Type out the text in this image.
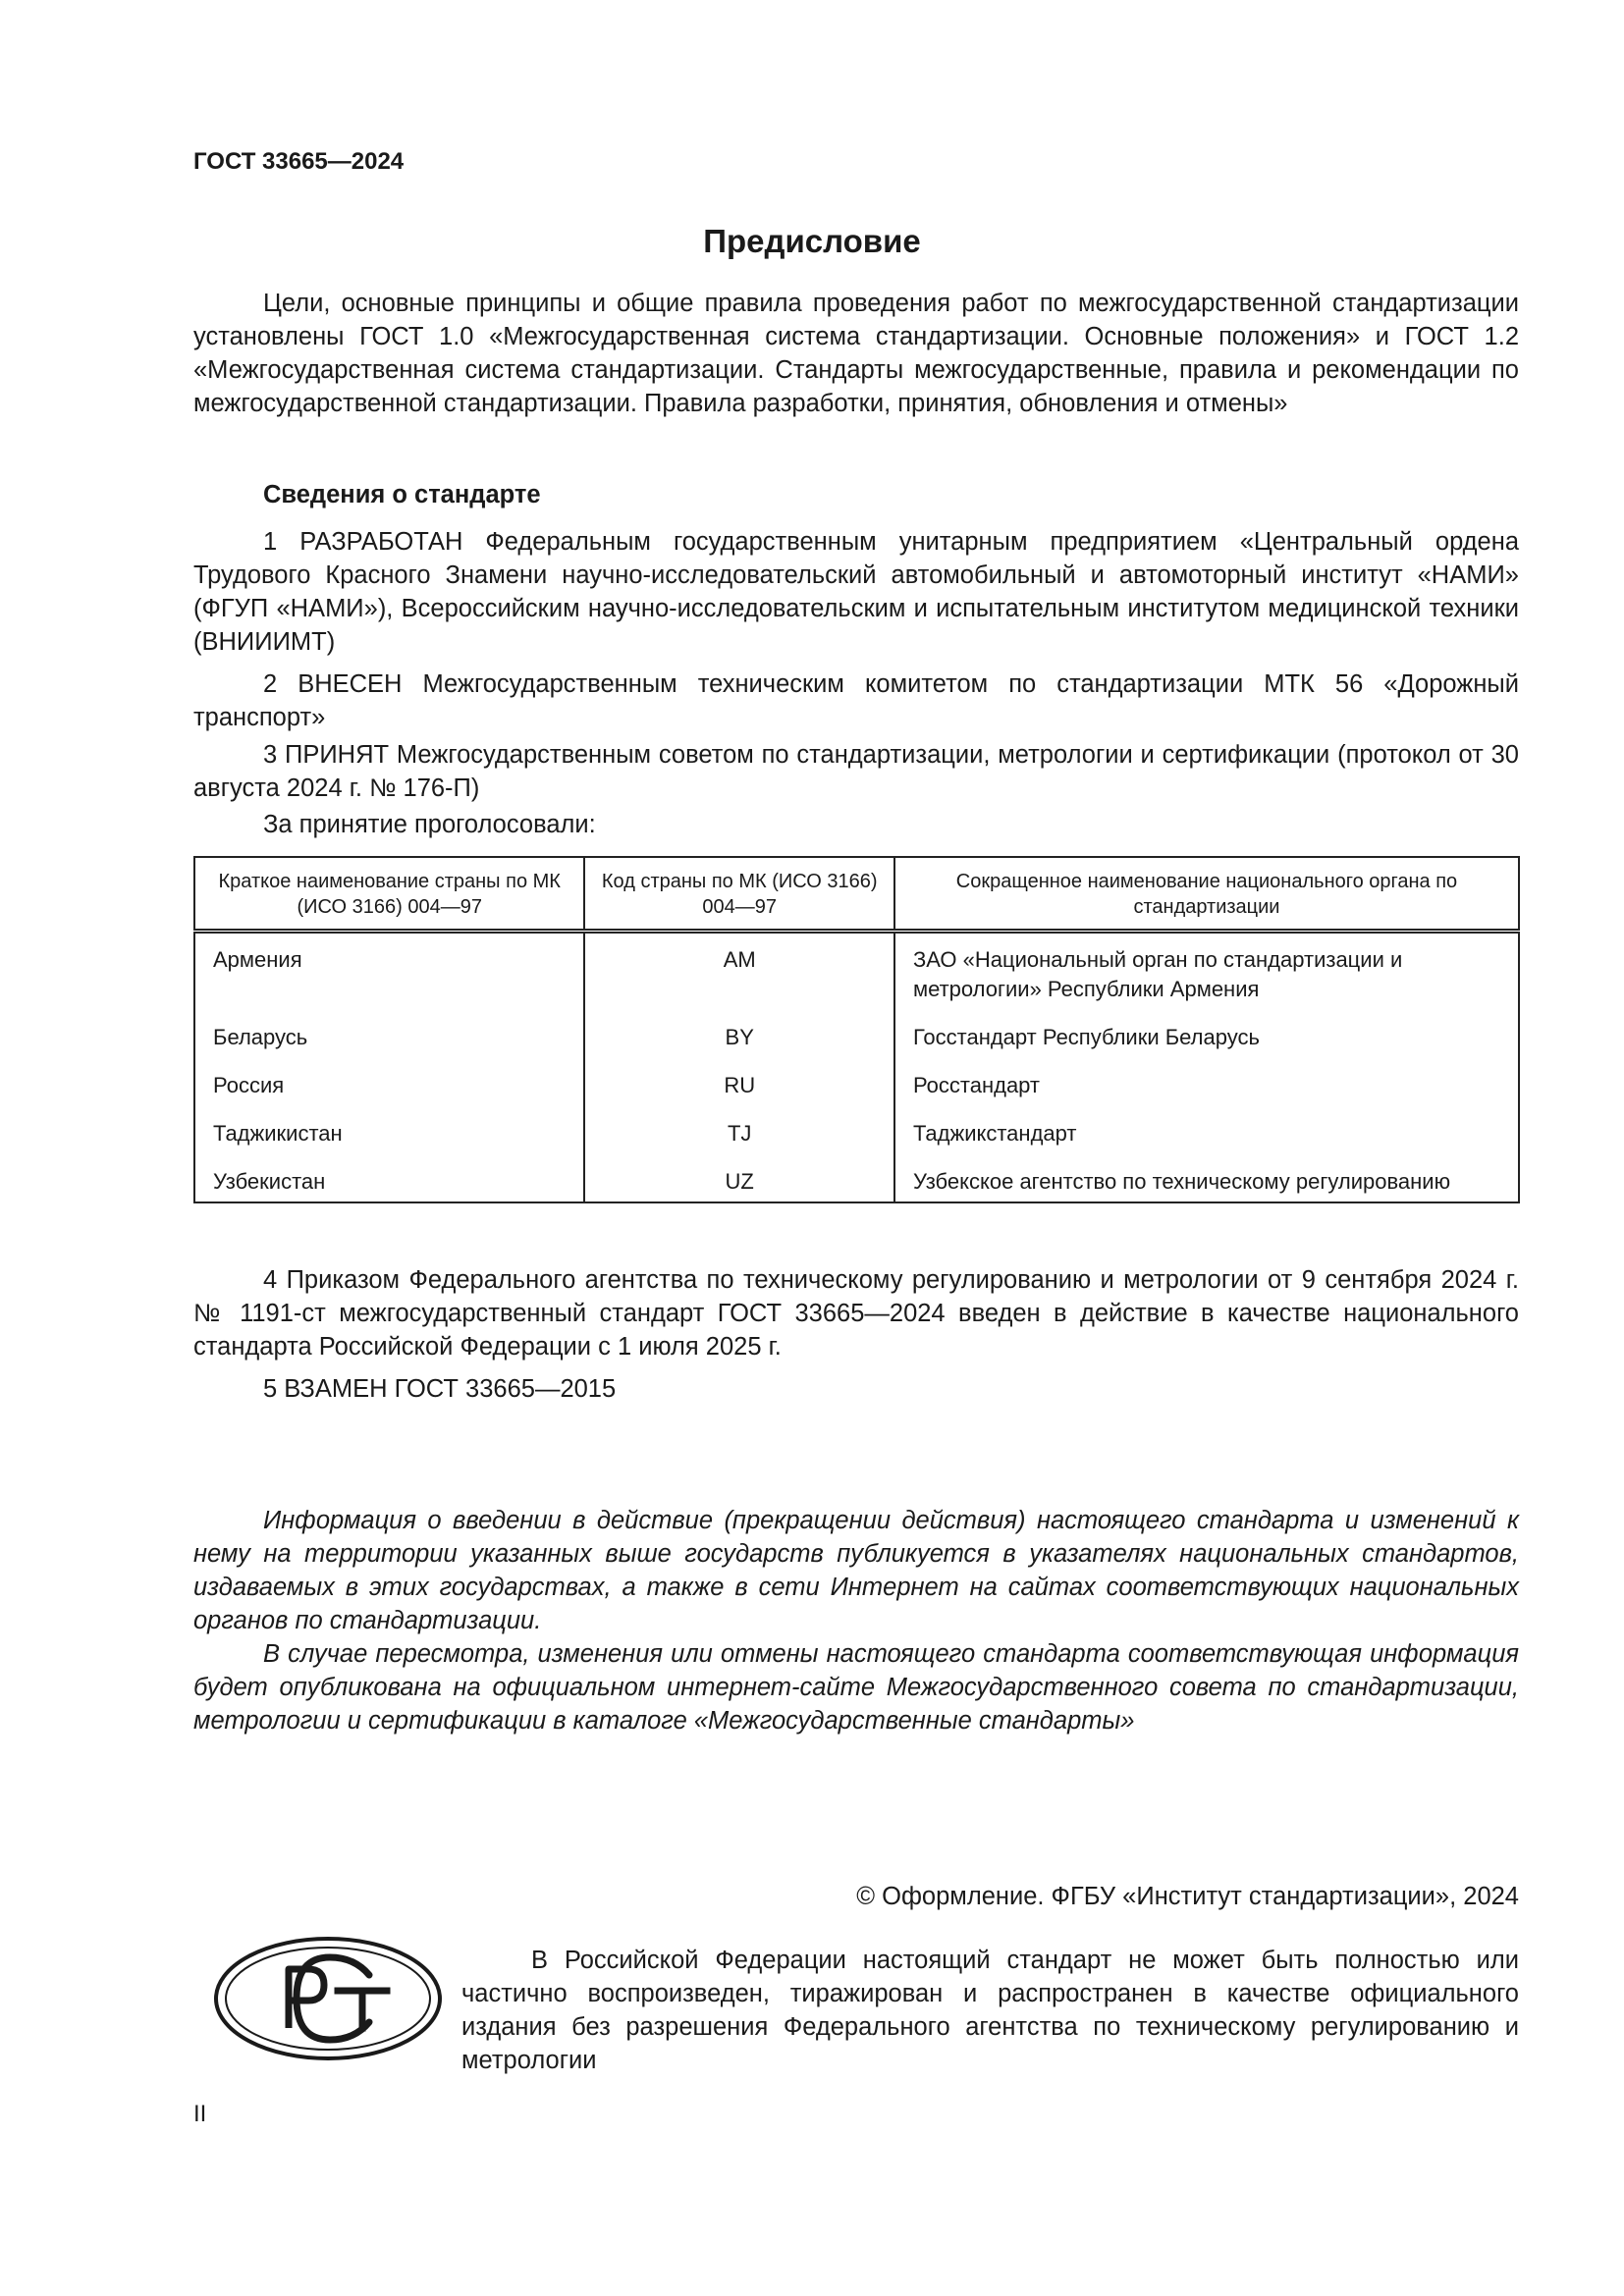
ГОСТ 33665—2024
Предисловие
Цели, основные принципы и общие правила проведения работ по межгосударственной стандартизации установлены ГОСТ 1.0 «Межгосударственная система стандартизации. Основные положения» и ГОСТ 1.2 «Межгосударственная система стандартизации. Стандарты межгосударственные, правила и рекомендации по межгосударственной стандартизации. Правила разработки, принятия, обновления и отмены»
Сведения о стандарте
1 РАЗРАБОТАН Федеральным государственным унитарным предприятием «Центральный ордена Трудового Красного Знамени научно-исследовательский автомобильный и автомоторный институт «НАМИ» (ФГУП «НАМИ»), Всероссийским научно-исследовательским и испытательным институтом медицинской техники (ВНИИИМТ)
2 ВНЕСЕН Межгосударственным техническим комитетом по стандартизации МТК 56 «Дорожный транспорт»
3 ПРИНЯТ Межгосударственным советом по стандартизации, метрологии и сертификации (протокол от 30 августа 2024 г. № 176-П)
За принятие проголосовали:
Краткое наименование страны по МК (ИСО 3166) 004—97	Код страны по МК (ИСО 3166) 004—97	Сокращенное наименование национального органа по стандартизации
Армения	AM	ЗАО «Национальный орган по стандартизации и метрологии» Республики Армения
Беларусь	BY	Госстандарт Республики Беларусь
Россия	RU	Росстандарт
Таджикистан	TJ	Таджикстандарт
Узбекистан	UZ	Узбекское агентство по техническому регулированию
4 Приказом Федерального агентства по техническому регулированию и метрологии от 9 сентября 2024 г. № 1191-ст межгосударственный стандарт ГОСТ 33665—2024 введен в действие в качестве национального стандарта Российской Федерации с 1 июля 2025 г.
5 ВЗАМЕН ГОСТ 33665—2015
Информация о введении в действие (прекращении действия) настоящего стандарта и изменений к нему на территории указанных выше государств публикуется в указателях национальных стандартов, издаваемых в этих государствах, а также в сети Интернет на сайтах соответствующих национальных органов по стандартизации.
В случае пересмотра, изменения или отмены настоящего стандарта соответствующая информация будет опубликована на официальном интернет-сайте Межгосударственного совета по стандартизации, метрологии и сертификации в каталоге «Межгосударственные стандарты»
© Оформление. ФГБУ «Институт стандартизации», 2024
В Российской Федерации настоящий стандарт не может быть полностью или частично воспроизведен, тиражирован и распространен в качестве официального издания без разрешения Федерального агентства по техническому регулированию и метрологии
II
